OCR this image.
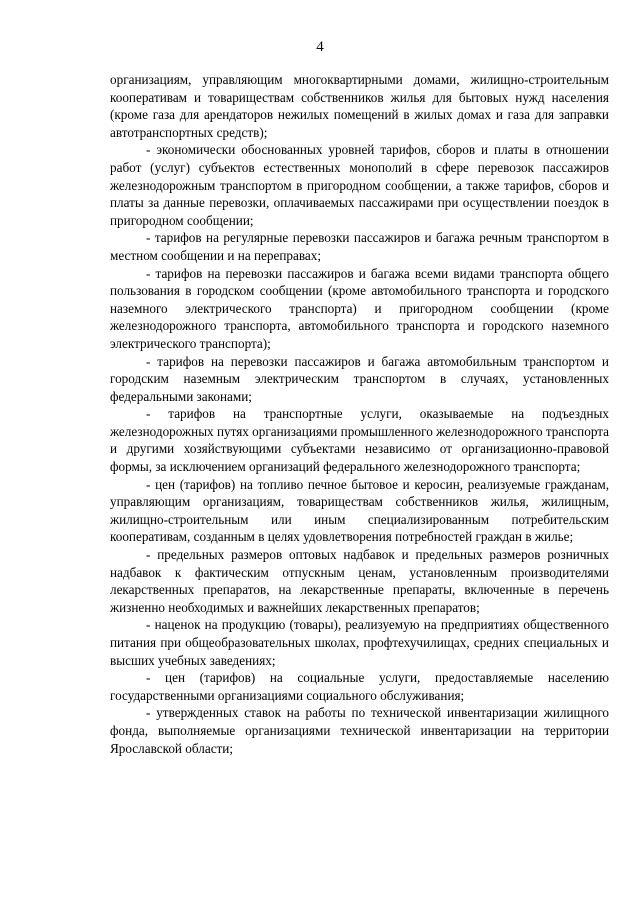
4

организациям, управляющим многоквартирными домами, жилищно-строительным кооперативам и товариществам собственников жилья для бытовых нужд населения (кроме газа для арендаторов нежилых помещений в жилых домах и газа для заправки автотранспортных средств);

- экономически обоснованных уровней тарифов, сборов и платы в отношении работ (услуг) субъектов естественных монополий в сфере перевозок пассажиров железнодорожным транспортом в пригородном сообщении, а также тарифов, сборов и платы за данные перевозки, оплачиваемых пассажирами при осуществлении поездок в пригородном сообщении;

- тарифов на регулярные перевозки пассажиров и багажа речным транспортом в местном сообщении и на переправах;

- тарифов на перевозки пассажиров и багажа всеми видами транспорта общего пользования в городском сообщении (кроме автомобильного транспорта и городского наземного электрического транспорта) и пригородном сообщении (кроме железнодорожного транспорта, автомобильного транспорта и городского наземного электрического транспорта);

- тарифов на перевозки пассажиров и багажа автомобильным транспортом и городским наземным электрическим транспортом в случаях, установленных федеральными законами;

- тарифов на транспортные услуги, оказываемые на подъездных железнодорожных путях организациями промышленного железнодорожного транспорта и другими хозяйствующими субъектами независимо от организационно-правовой формы, за исключением организаций федерального железнодорожного транспорта;

- цен (тарифов) на топливо печное бытовое и керосин, реализуемые гражданам, управляющим организациям, товариществам собственников жилья, жилищным, жилищно-строительным или иным специализированным потребительским кооперативам, созданным в целях удовлетворения потребностей граждан в жилье;

- предельных размеров оптовых надбавок и предельных размеров розничных надбавок к фактическим отпускным ценам, установленным производителями лекарственных препаратов, на лекарственные препараты, включенные в перечень жизненно необходимых и важнейших лекарственных препаратов;

- наценок на продукцию (товары), реализуемую на предприятиях общественного питания при общеобразовательных школах, профтехучилищах, средних специальных и высших учебных заведениях;

- цен (тарифов) на социальные услуги, предоставляемые населению государственными организациями социального обслуживания;

- утвержденных ставок на работы по технической инвентаризации жилищного фонда, выполняемые организациями технической инвентаризации на территории Ярославской области;
